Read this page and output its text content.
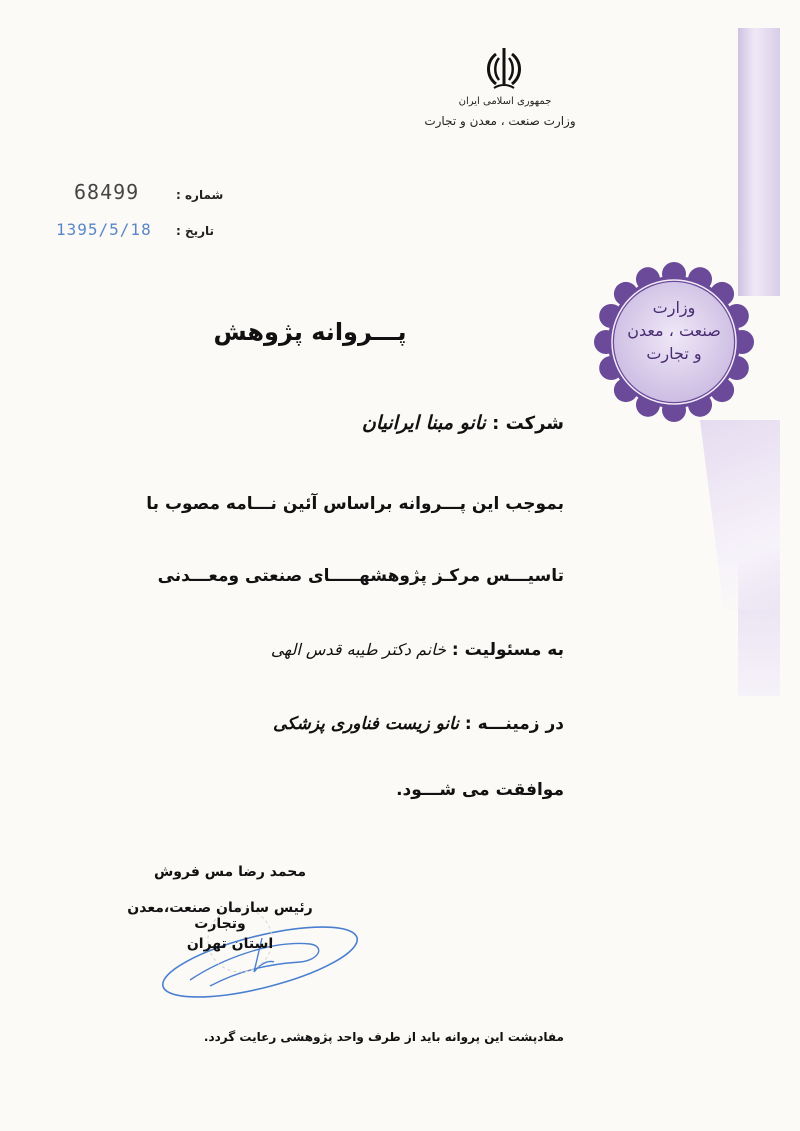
وزارت
صنعت ، معدن
و تجارت
جمهوری اسلامی ایران
وزارت صنعت ، معدن و تجارت
شماره :
68499
تاریخ :
1395/5/18
پـــروانه پژوهش
شرکت : نانو مبنا ایرانیان
بموجب این پـــروانه براساس آئین نـــامه مصوب با
تاسیـــس مرکـز پژوهشهـــــای صنعتی ومعـــدنی
به مسئولیت : خانم دکتر طیبه قدس الهی
در زمینـــه : نانو زیست فناوری پزشکی
موافقت می شـــود.
محمد رضا مس فروش
رئیس سازمان صنعت،معدن وتجارت
استان تهران
مفادپشت این پروانه باید از طرف واحد پژوهشی رعایت گردد.
